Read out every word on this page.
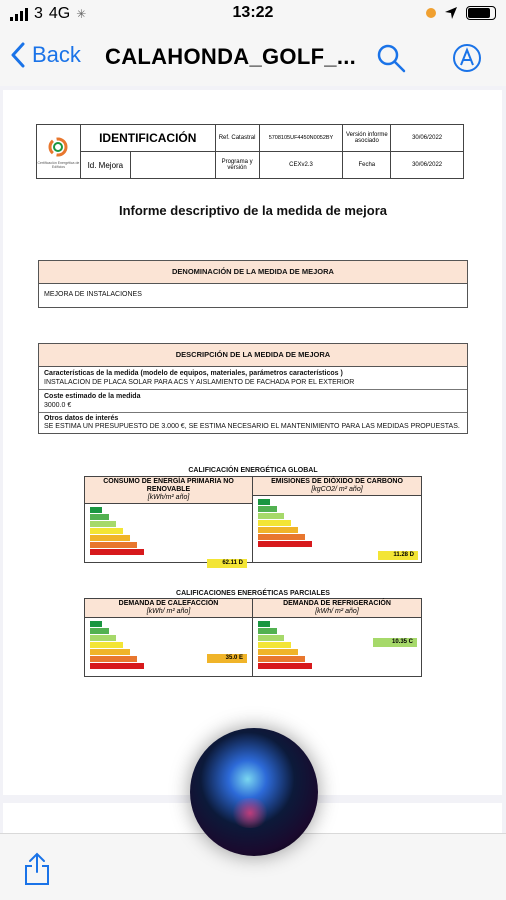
3 4G ✳	13:22
Back CALAHONDA_GOLF_...
Certificación Energética de Edificios	IDENTIFICACIÓN		Ref. Catastral	5708105UF4450N0052BY	Versión informe asociado	30/06/2022
	Id. Mejora		Programa y versión	CEXv2.3	Fecha	30/06/2022
Informe descriptivo de la medida de mejora
DENOMINACIÓN DE LA MEDIDA DE MEJORA
MEJORA DE INSTALACIONES
DESCRIPCIÓN DE LA MEDIDA DE MEJORA
Características de la medida (modelo de equipos, materiales, parámetros característicos )
INSTALACION DE PLACA SOLAR PARA ACS Y AISLAMIENTO DE FACHADA POR EL EXTERIOR
Coste estimado de la medida
3000.0 €
Otros datos de interés
SE ESTIMA UN PRESUPUESTO DE 3.000 €, SE ESTIMA NECESARIO EL MANTENIMIENTO PARA LAS MEDIDAS PROPUESTAS.
CALIFICACIÓN ENERGÉTICA GLOBAL
CONSUMO DE ENERGÍA PRIMARIA NO RENOVABLE
[kWh/m² año]
62.11 D
EMISIONES DE DIÓXIDO DE CARBONO
[kgCO2/ m² año]
11.28 D
CALIFICACIONES ENERGÉTICAS PARCIALES
DEMANDA DE CALEFACCIÓN
[kWh/ m² año]
35.0 E
DEMANDA DE REFRIGERACIÓN
[kWh/ m² año]
10.35 C
